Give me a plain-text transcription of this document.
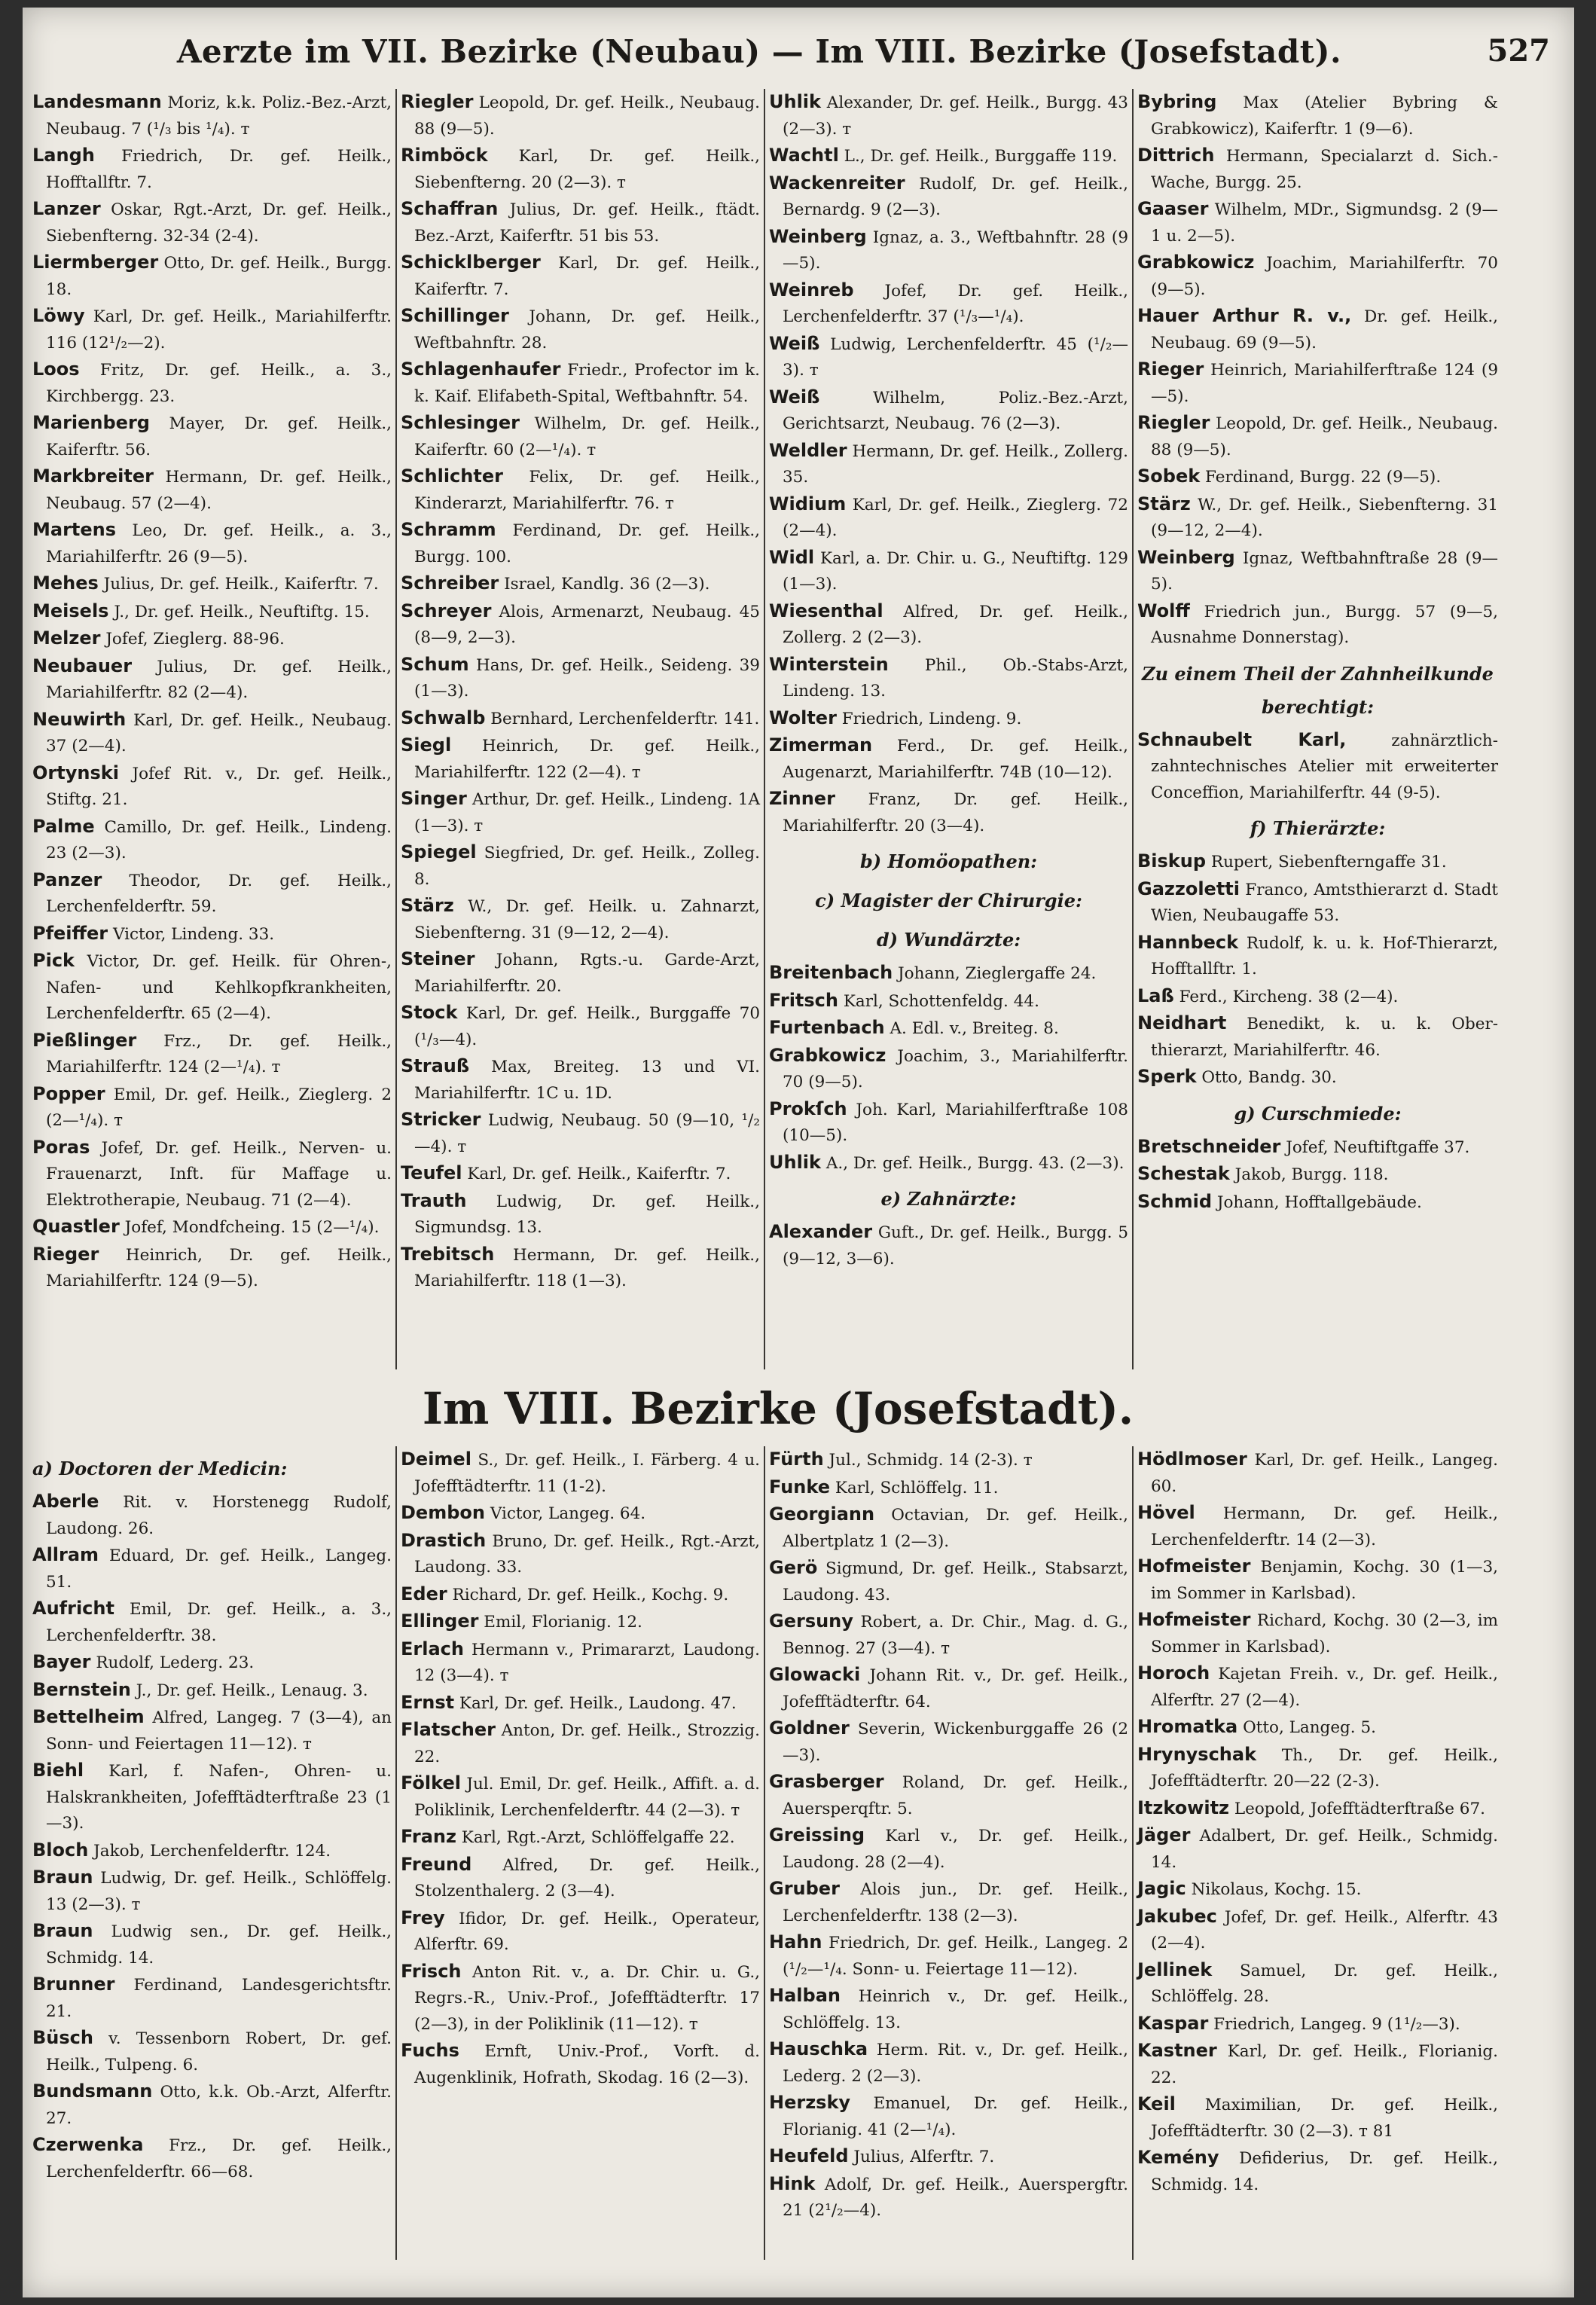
Aerzte im VII. Bezirke (Neubau) — Im VIII. Bezirke (Josefstadt).	527
Landesmann Moriz, k.k. Poliz.-Bez.-Arzt, Neubaug. 7 (¹/₃ bis ¹/₄). ᴛ
Langh Friedrich, Dr. gef. Heilk., Hofftallftr. 7.
Lanzer Oskar, Rgt.-Arzt, Dr. gef. Heilk., Siebenfterng. 32-34 (2-4).
Liermberger Otto, Dr. gef. Heilk., Burgg. 18.
Löwy Karl, Dr. gef. Heilk., Mariahilferftr. 116 (12¹/₂—2).
Loos Fritz, Dr. gef. Heilk., a. 3., Kirchbergg. 23.
Marienberg Mayer, Dr. gef. Heilk., Kaiferftr. 56.
Markbreiter Hermann, Dr. gef. Heilk., Neubaug. 57 (2—4).
Martens Leo, Dr. gef. Heilk., a. 3., Mariahilferftr. 26 (9—5).
Mehes Julius, Dr. gef. Heilk., Kaiferftr. 7.
Meisels J., Dr. gef. Heilk., Neuftiftg. 15.
Melzer Jofef, Zieglerg. 88-96.
Neubauer Julius, Dr. gef. Heilk., Mariahilferftr. 82 (2—4).
Neuwirth Karl, Dr. gef. Heilk., Neubaug. 37 (2—4).
Ortynski Jofef Rit. v., Dr. gef. Heilk., Stiftg. 21.
Palme Camillo, Dr. gef. Heilk., Lindeng. 23 (2—3).
Panzer Theodor, Dr. gef. Heilk., Lerchenfelderftr. 59.
Pfeiffer Victor, Lindeng. 33.
Pick Victor, Dr. gef. Heilk. für Ohren-, Nafen- und Kehlkopfkrankheiten, Lerchenfelderftr. 65 (2—4).
Pießlinger Frz., Dr. gef. Heilk., Mariahilferftr. 124 (2—¹/₄). ᴛ
Popper Emil, Dr. gef. Heilk., Zieglerg. 2 (2—¹/₄). ᴛ
Poras Jofef, Dr. gef. Heilk., Nerven- u. Frauenarzt, Inft. für Maffage u. Elektrotherapie, Neubaug. 71 (2—4).
Quastler Jofef, Mondfcheing. 15 (2—¹/₄).
Rieger Heinrich, Dr. gef. Heilk., Mariahilferftr. 124 (9—5).
Riegler Leopold, Dr. gef. Heilk., Neubaug. 88 (9—5).
Rimböck Karl, Dr. gef. Heilk., Siebenfterng. 20 (2—3). ᴛ
Schaffran Julius, Dr. gef. Heilk., ftädt. Bez.-Arzt, Kaiferftr. 51 bis 53.
Schicklberger Karl, Dr. gef. Heilk., Kaiferftr. 7.
Schillinger Johann, Dr. gef. Heilk., Weftbahnftr. 28.
Schlagenhaufer Friedr., Profector im k. k. Kaif. Elifabeth-Spital, Weftbahnftr. 54.
Schlesinger Wilhelm, Dr. gef. Heilk., Kaiferftr. 60 (2—¹/₄). ᴛ
Schlichter Felix, Dr. gef. Heilk., Kinderarzt, Mariahilferftr. 76. ᴛ
Schramm Ferdinand, Dr. gef. Heilk., Burgg. 100.
Schreiber Israel, Kandlg. 36 (2—3).
Schreyer Alois, Armenarzt, Neubaug. 45 (8—9, 2—3).
Schum Hans, Dr. gef. Heilk., Seideng. 39 (1—3).
Schwalb Bernhard, Lerchenfelderftr. 141.
Siegl Heinrich, Dr. gef. Heilk., Mariahilferftr. 122 (2—4). ᴛ
Singer Arthur, Dr. gef. Heilk., Lindeng. 1A (1—3). ᴛ
Spiegel Siegfried, Dr. gef. Heilk., Zolleg. 8.
Stärz W., Dr. gef. Heilk. u. Zahnarzt, Siebenfterng. 31 (9—12, 2—4).
Steiner Johann, Rgts.-u. Garde-Arzt, Mariahilferftr. 20.
Stock Karl, Dr. gef. Heilk., Burggaffe 70 (¹/₃—4).
Strauß Max, Breiteg. 13 und VI. Mariahilferftr. 1C u. 1D.
Stricker Ludwig, Neubaug. 50 (9—10, ¹/₂—4). ᴛ
Teufel Karl, Dr. gef. Heilk., Kaiferftr. 7.
Trauth Ludwig, Dr. gef. Heilk., Sigmundsg. 13.
Trebitsch Hermann, Dr. gef. Heilk., Mariahilferftr. 118 (1—3).
Uhlik Alexander, Dr. gef. Heilk., Burgg. 43 (2—3). ᴛ
Wachtl L., Dr. gef. Heilk., Burggaffe 119.
Wackenreiter Rudolf, Dr. gef. Heilk., Bernardg. 9 (2—3).
Weinberg Ignaz, a. 3., Weftbahnftr. 28 (9—5).
Weinreb Jofef, Dr. gef. Heilk., Lerchenfelderftr. 37 (¹/₃—¹/₄).
Weiß Ludwig, Lerchenfelderftr. 45 (¹/₂—3). ᴛ
Weiß	Wilhelm, Poliz.-Bez.-Arzt, Gerichtsarzt, Neubaug. 76 (2—3).
Weldler Hermann, Dr. gef. Heilk., Zollerg. 35.
Widium Karl, Dr. gef. Heilk., Zieglerg. 72 (2—4).
Widl Karl, a. Dr. Chir. u. G., Neuftiftg. 129 (1—3).
Wiesenthal Alfred, Dr. gef. Heilk., Zollerg. 2 (2—3).
Winterstein Phil., Ob.-Stabs-Arzt, Lindeng. 13.
Wolter Friedrich, Lindeng. 9.
Zimerman Ferd., Dr. gef. Heilk., Augenarzt, Mariahilferftr. 74B (10—12).
Zinner Franz, Dr. gef. Heilk., Mariahilferftr. 20 (3—4).
b) Homöopathen:
c) Magister der Chirurgie:
d) Wundärzte:
Breitenbach Johann, Zieglergaffe 24.
Fritsch Karl, Schottenfeldg. 44.
Furtenbach A. Edl. v., Breiteg. 8.
Grabkowicz Joachim, 3., Mariahilferftr. 70 (9—5).
Prokſch Joh. Karl, Mariahilferftraße 108 (10—5).
Uhlik A., Dr. gef. Heilk., Burgg. 43. (2—3).
e) Zahnärzte:
Alexander Guft., Dr. gef. Heilk., Burgg. 5 (9—12, 3—6).
Bybring Max (Atelier Bybring & Grabkowicz), Kaiferftr. 1 (9—6).
Dittrich Hermann, Specialarzt d. Sich.-Wache, Burgg. 25.
Gaaser Wilhelm, MDr., Sigmundsg. 2 (9—1 u. 2—5).
Grabkowicz Joachim, Mariahilferftr. 70 (9—5).
Hauer Arthur R. v., Dr. gef. Heilk., Neubaug. 69 (9—5).
Rieger Heinrich, Mariahilferftraße 124 (9—5).
Riegler Leopold, Dr. gef. Heilk., Neubaug. 88 (9—5).
Sobek Ferdinand, Burgg. 22 (9—5).
Stärz W., Dr. gef. Heilk., Siebenfterng. 31 (9—12, 2—4).
Weinberg Ignaz, Weftbahnftraße 28 (9—5).
Wolff Friedrich jun., Burgg. 57 (9—5, Ausnahme Donnerstag).
Zu einem Theil der Zahnheilkunde berechtigt:
Schnaubelt Karl,	zahnärztlich-zahntechnisches Atelier mit erweiterter Conceffion, Mariahilferftr. 44 (9-5).
f) Thierärzte:
Biskup Rupert, Siebenfterngaffe 31.
Gazzoletti Franco, Amtsthierarzt d. Stadt Wien, Neubaugaffe 53.
Hannbeck Rudolf, k. u. k. Hof-Thierarzt, Hofftallftr. 1.
Laß Ferd., Kircheng. 38 (2—4).
Neidhart Benedikt, k. u. k. Ober-thierarzt, Mariahilferftr. 46.
Sperk Otto, Bandg. 30.
g) Curschmiede:
Bretschneider Jofef, Neuftiftgaffe 37.
Schestak Jakob, Burgg. 118.
Schmid Johann, Hofftallgebäude.
Im VIII. Bezirke (Josefstadt).
a) Doctoren der Medicin:
Aberle Rit. v. Horstenegg Rudolf, Laudong. 26.
Allram Eduard, Dr. gef. Heilk., Langeg. 51.
Aufricht Emil, Dr. gef. Heilk., a. 3., Lerchenfelderftr. 38.
Bayer Rudolf, Lederg. 23.
Bernstein J., Dr. gef. Heilk., Lenaug. 3.
Bettelheim Alfred, Langeg. 7 (3—4), an Sonn- und Feiertagen 11—12). ᴛ
Biehl Karl, f. Nafen-, Ohren- u. Halskrankheiten, Jofefftädterftraße 23 (1—3).
Bloch Jakob, Lerchenfelderftr. 124.
Braun Ludwig, Dr. gef. Heilk., Schlöffelg. 13 (2—3). ᴛ
Braun Ludwig sen., Dr. gef. Heilk., Schmidg. 14.
Brunner Ferdinand, Landesgerichtsftr. 21.
Büsch v. Tessenborn Robert, Dr. gef. Heilk., Tulpeng. 6.
Bundsmann Otto, k.k. Ob.-Arzt, Alferftr. 27.
Czerwenka Frz., Dr. gef. Heilk., Lerchenfelderftr. 66—68.
Deimel S., Dr. gef. Heilk., I. Färberg. 4 u. Jofefftädterftr. 11 (1-2).
Dembon Victor, Langeg. 64.
Drastich Bruno, Dr. gef. Heilk., Rgt.-Arzt, Laudong. 33.
Eder Richard, Dr. gef. Heilk., Kochg. 9.
Ellinger Emil, Florianig. 12.
Erlach Hermann v., Primararzt, Laudong. 12 (3—4). ᴛ
Ernst Karl, Dr. gef. Heilk., Laudong. 47.
Flatscher Anton, Dr. gef. Heilk., Strozzig. 22.
Fölkel Jul. Emil, Dr. gef. Heilk., Affift. a. d. Poliklinik, Lerchenfelderftr. 44 (2—3). ᴛ
Franz Karl, Rgt.-Arzt, Schlöffelgaffe 22.
Freund Alfred, Dr. gef. Heilk., Stolzenthalerg. 2 (3—4).
Frey Ifidor, Dr. gef. Heilk., Operateur, Alferftr. 69.
Frisch Anton Rit. v., a. Dr. Chir. u. G., Regrs.-R., Univ.-Prof., Jofefftädterftr. 17 (2—3), in der Poliklinik (11—12). ᴛ
Fuchs Ernft, Univ.-Prof., Vorft. d. Augenklinik, Hofrath, Skodag. 16 (2—3).
Fürth Jul., Schmidg. 14 (2-3). ᴛ
Funke Karl, Schlöffelg. 11.
Georgiann Octavian, Dr. gef. Heilk., Albertplatz 1 (2—3).
Gerö Sigmund, Dr. gef. Heilk., Stabsarzt, Laudong. 43.
Gersuny Robert, a. Dr. Chir., Mag. d. G., Bennog. 27 (3—4). ᴛ
Glowacki Johann Rit. v., Dr. gef. Heilk., Jofefftädterftr. 64.
Goldner Severin, Wickenburggaffe 26 (2—3).
Grasberger Roland, Dr. gef. Heilk., Auersperqftr. 5.
Greissing Karl v., Dr. gef. Heilk., Laudong. 28 (2—4).
Gruber Alois jun., Dr. gef. Heilk., Lerchenfelderftr. 138 (2—3).
Hahn Friedrich, Dr. gef. Heilk., Langeg. 2 (¹/₂—¹/₄. Sonn- u. Feiertage 11—12).
Halban Heinrich v., Dr. gef. Heilk., Schlöffelg. 13.
Hauschka Herm. Rit. v., Dr. gef. Heilk., Lederg. 2 (2—3).
Herzsky Emanuel, Dr. gef. Heilk., Florianig. 41 (2—¹/₄).
Heufeld Julius, Alferftr. 7.
Hink Adolf, Dr. gef. Heilk., Auerspergftr. 21 (2¹/₂—4).
Hödlmoser Karl, Dr. gef. Heilk., Langeg. 60.
Hövel Hermann, Dr. gef. Heilk., Lerchenfelderftr. 14 (2—3).
Hofmeister Benjamin, Kochg. 30 (1—3, im Sommer in Karlsbad).
Hofmeister Richard, Kochg. 30 (2—3, im Sommer in Karlsbad).
Horoch Kajetan Freih. v., Dr. gef. Heilk., Alferftr. 27 (2—4).
Hromatka Otto, Langeg. 5.
Hrynyschak Th., Dr. gef. Heilk., Jofefftädterftr. 20—22 (2-3).
Itzkowitz Leopold, Jofefftädterftraße 67.
Jäger Adalbert, Dr. gef. Heilk., Schmidg. 14.
Jagic Nikolaus, Kochg. 15.
Jakubec Jofef, Dr. gef. Heilk., Alferftr. 43 (2—4).
Jellinek Samuel, Dr. gef. Heilk., Schlöffelg. 28.
Kaspar Friedrich, Langeg. 9 (1¹/₂—3).
Kastner Karl, Dr. gef. Heilk., Florianig. 22.
Keil Maximilian, Dr. gef. Heilk., Jofefftädterftr. 30 (2—3). ᴛ 81
Kemény Defiderius, Dr. gef. Heilk., Schmidg. 14.
